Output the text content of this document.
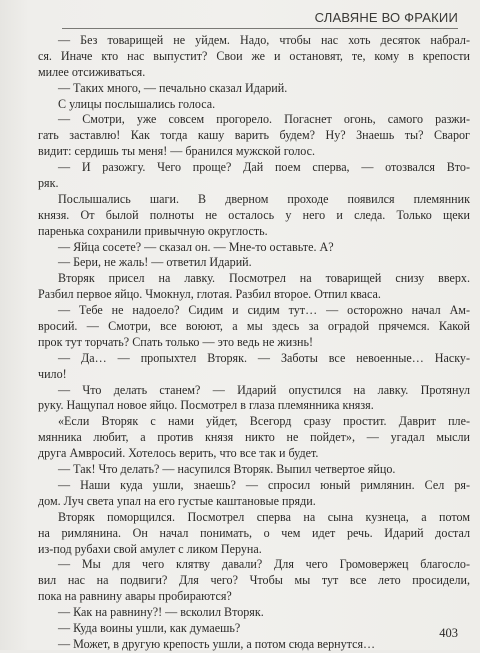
СЛАВЯНЕ ВО ФРАКИИ
— Без товарищей не уйдем. Надо, чтобы нас хоть десяток набрал-
ся. Иначе кто нас выпустит? Свои же и остановят, те, кому в крепости
милее отсиживаться.
— Таких много, — печально сказал Идарий.
С улицы послышались голоса.
— Смотри, уже совсем прогорело. Погаснет огонь, самого разжи-
гать заставлю! Как тогда кашу варить будем? Ну? Знаешь ты? Сварог
видит: сердишь ты меня! — бранился мужской голос.
— И разожгу. Чего проще? Дай поем сперва, — отозвался Вто-
ряк.
Послышались шаги. В дверном проходе появился племянник
князя. От былой полноты не осталось у него и следа. Только щеки
паренька сохранили привычную округлость.
— Яйца сосете? — сказал он. — Мне-то оставьте. А?
— Бери, не жаль! — ответил Идарий.
Вторяк присел на лавку. Посмотрел на товарищей снизу вверх.
Разбил первое яйцо. Чмокнул, глотая. Разбил второе. Отпил кваса.
— Тебе не надоело? Сидим и сидим тут… — осторожно начал Ам-
вросий. — Смотри, все воюют, а мы здесь за оградой прячемся. Какой
прок тут торчать? Спать только — это ведь не жизнь!
— Да… — пропыхтел Вторяк. — Заботы все невоенные… Наску-
чило!
— Что делать станем? — Идарий опустился на лавку. Протянул
руку. Нащупал новое яйцо. Посмотрел в глаза племянника князя.
«Если Вторяк с нами уйдет, Всегорд сразу простит. Даврит пле-
мянника любит, а против князя никто не пойдет», — угадал мысли
друга Амвросий. Хотелось верить, что все так и будет.
— Так! Что делать? — насупился Вторяк. Выпил четвертое яйцо.
— Наши куда ушли, знаешь? — спросил юный римлянин. Сел ря-
дом. Луч света упал на его густые каштановые пряди.
Вторяк поморщился. Посмотрел сперва на сына кузнеца, а потом
на римлянина. Он начал понимать, о чем идет речь. Идарий достал
из-под рубахи свой амулет с ликом Перуна.
— Мы для чего клятву давали? Для чего Громовержец благосло-
вил нас на подвиги? Для чего? Чтобы мы тут все лето просидели,
пока на равнину авары пробираются?
— Как на равнину?! — всколил Вторяк.
— Куда воины ушли, как думаешь?
— Может, в другую крепость ушли, а потом сюда вернутся…
403
